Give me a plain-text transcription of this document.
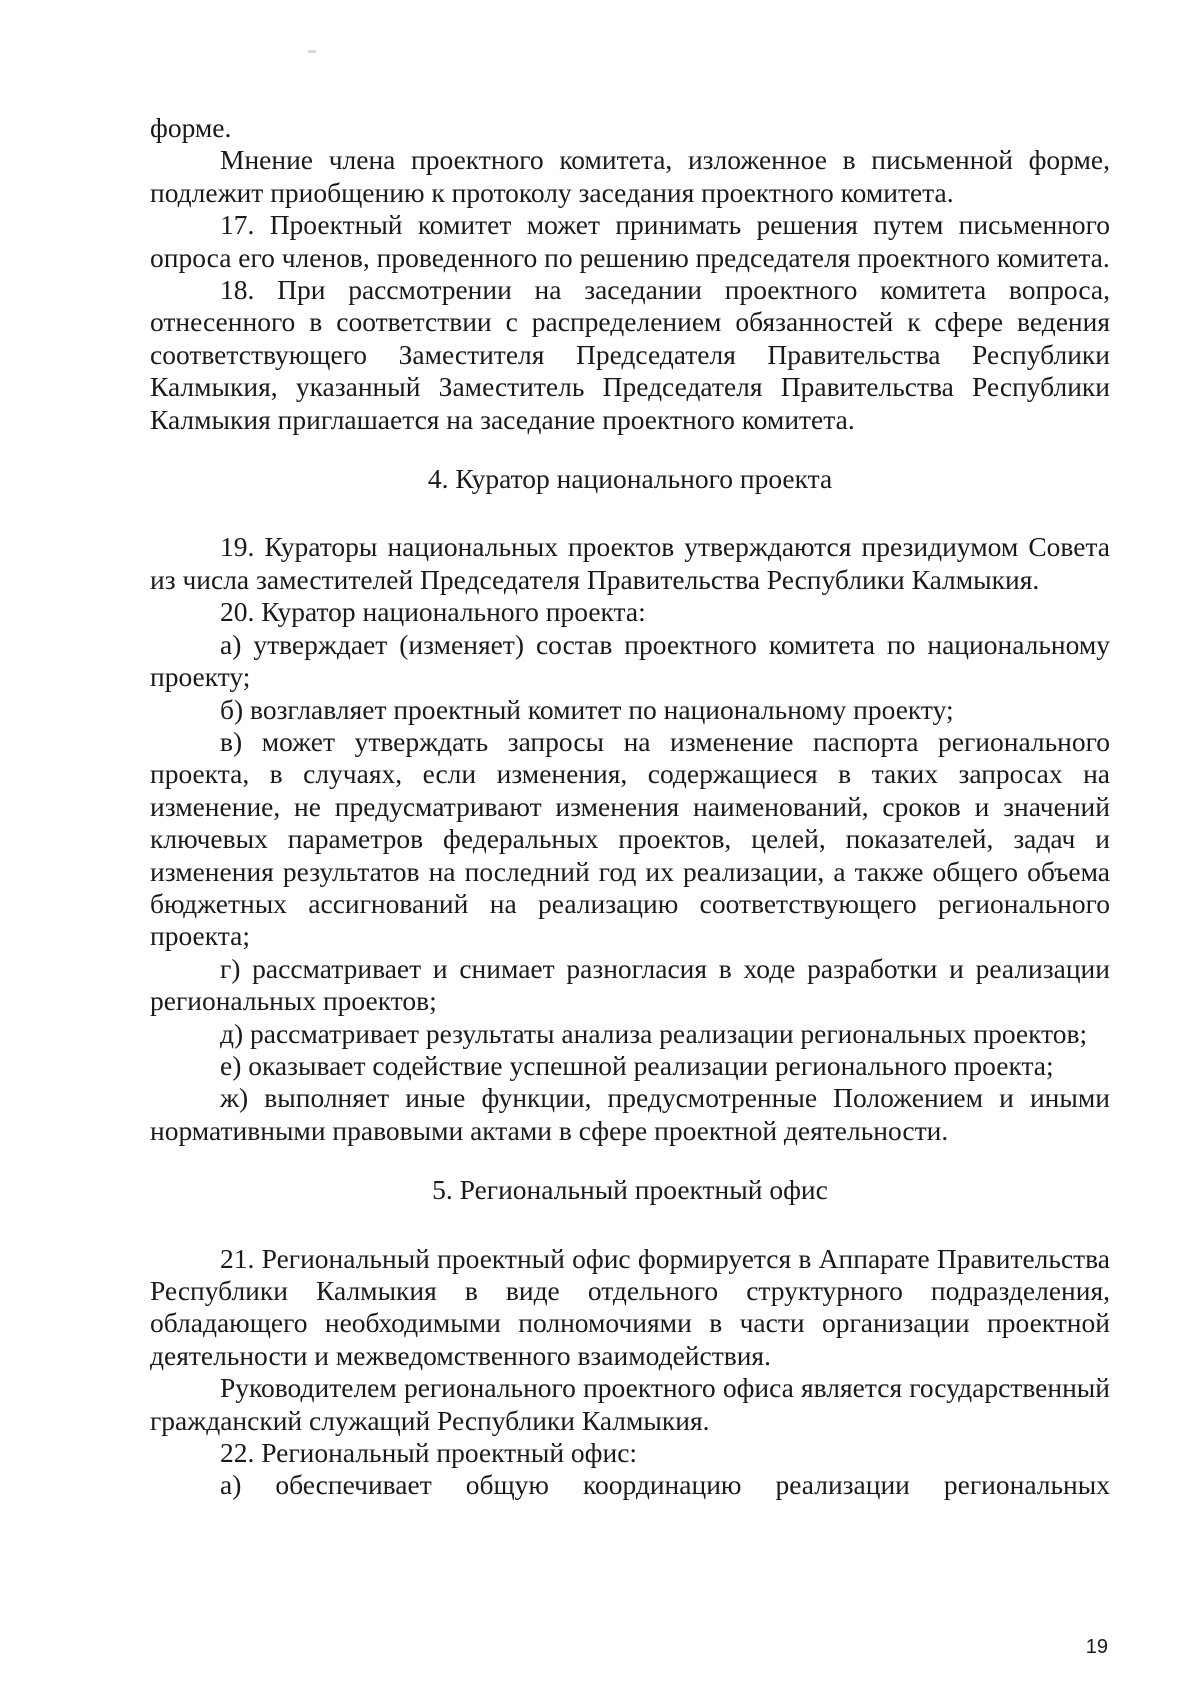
форме.

Мнение члена проектного комитета, изложенное в письменной форме, подлежит приобщению к протоколу заседания проектного комитета.

17. Проектный комитет может принимать решения путем письменного опроса его членов, проведенного по решению председателя проектного комитета.

18. При рассмотрении на заседании проектного комитета вопроса, отнесенного в соответствии с распределением обязанностей к сфере ведения соответствующего Заместителя Председателя Правительства Республики Калмыкия, указанный Заместитель Председателя Правительства Республики Калмыкия приглашается на заседание проектного комитета.

4. Куратор национального проекта

19. Кураторы национальных проектов утверждаются президиумом Совета из числа заместителей Председателя Правительства Республики Калмыкия.

20. Куратор национального проекта:

а) утверждает (изменяет) состав проектного комитета по национальному проекту;

б) возглавляет проектный комитет по национальному проекту;

в) может утверждать запросы на изменение паспорта регионального проекта, в случаях, если изменения, содержащиеся в таких запросах на изменение, не предусматривают изменения наименований, сроков и значений ключевых параметров федеральных проектов, целей, показателей, задач и изменения результатов на последний год их реализации, а также общего объема бюджетных ассигнований на реализацию соответствующего регионального проекта;

г) рассматривает и снимает разногласия в ходе разработки и реализации региональных проектов;

д) рассматривает результаты анализа реализации региональных проектов;

е) оказывает содействие успешной реализации регионального проекта;

ж) выполняет иные функции, предусмотренные Положением и иными нормативными правовыми актами в сфере проектной деятельности.

5. Региональный проектный офис

21. Региональный проектный офис формируется в Аппарате Правительства Республики Калмыкия в виде отдельного структурного подразделения, обладающего необходимыми полномочиями в части организации проектной деятельности и межведомственного взаимодействия.

Руководителем регионального проектного офиса является государственный гражданский служащий Республики Калмыкия.

22. Региональный проектный офис:

а) обеспечивает общую координацию реализации региональных

19
